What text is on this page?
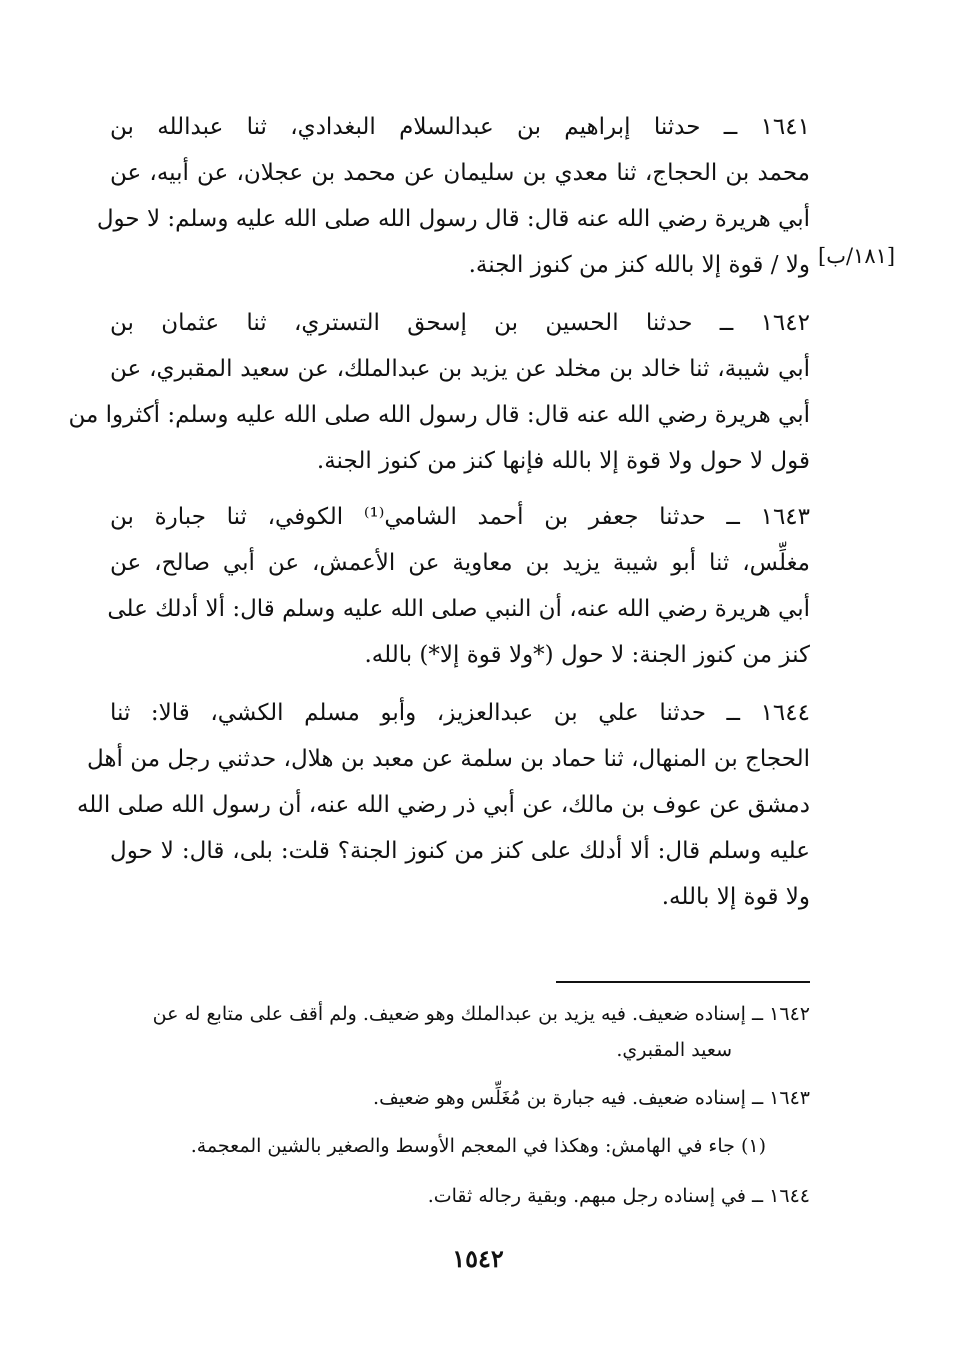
١٦٤١ ــ حدثنا إبراهيم بن عبدالسلام البغدادي، ثنا عبدالله بن
محمد بن الحجاج، ثنا معدي بن سليمان عن محمد بن عجلان، عن أبيه، عن
أبي هريرة رضي الله عنه قال: قال رسول الله صلى الله عليه وسلم: لا حول
ولا / قوة إلا بالله كنز من كنوز الجنة. [١٨١/ب]
١٦٤٢ ــ حدثنا الحسين بن إسحق التستري، ثنا عثمان بن
أبي شيبة، ثنا خالد بن مخلد عن يزيد بن عبدالملك، عن سعيد المقبري، عن
أبي هريرة رضي الله عنه قال: قال رسول الله صلى الله عليه وسلم: أكثروا من
قول لا حول ولا قوة إلا بالله فإنها كنز من كنوز الجنة.
١٦٤٣ ــ حدثنا جعفر بن أحمد الشامي⁽¹⁾ الكوفي، ثنا جبارة بن
مغلِّس، ثنا أبو شيبة يزيد بن معاوية عن الأعمش، عن أبي صالح، عن
أبي هريرة رضي الله عنه، أن النبي صلى الله عليه وسلم قال: ألا أدلك على
كنز من كنوز الجنة: لا حول (*ولا قوة إلا*) بالله.
١٦٤٤ ــ حدثنا علي بن عبدالعزيز، وأبو مسلم الكشي، قالا: ثنا
الحجاج بن المنهال، ثنا حماد بن سلمة عن معبد بن هلال، حدثني رجل من أهل
دمشق عن عوف بن مالك، عن أبي ذر رضي الله عنه، أن رسول الله صلى الله
عليه وسلم قال: ألا أدلك على كنز من كنوز الجنة؟ قلت: بلى، قال: لا حول
ولا قوة إلا بالله.
١٦٤٢ ــ إسناده ضعيف. فيه يزيد بن عبدالملك وهو ضعيف. ولم أقف على متابع له عن
سعيد المقبري.
١٦٤٣ ــ إسناده ضعيف. فيه جبارة بن مُغَلِّس وهو ضعيف.
(١) جاء في الهامش: وهكذا في المعجم الأوسط والصغير بالشين المعجمة.
١٦٤٤ ــ في إسناده رجل مبهم. وبقية رجاله ثقات.
١٥٤٢
